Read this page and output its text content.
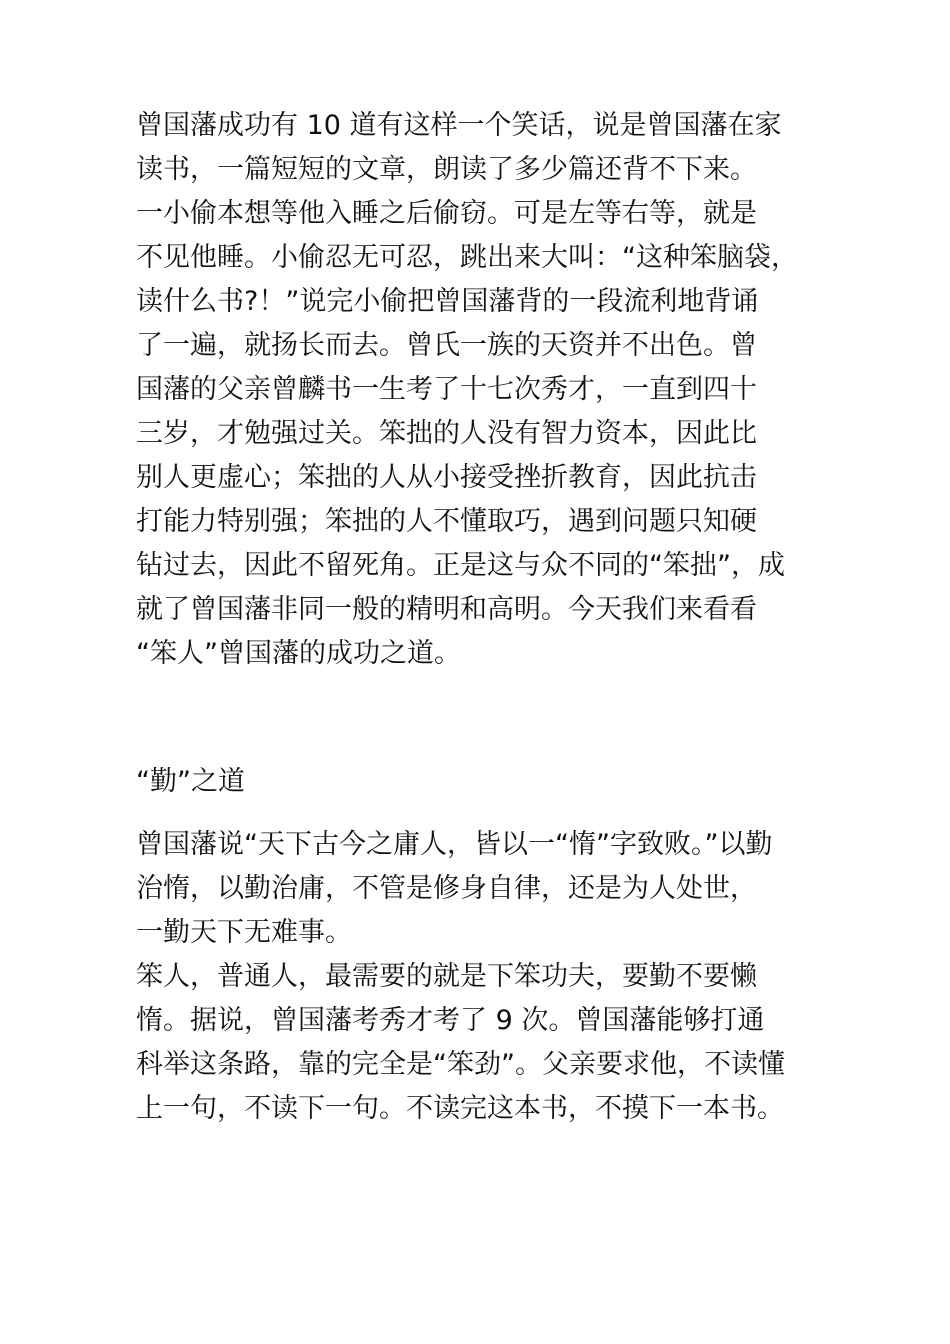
曾国藩成功有 10 道有这样一个笑话，说是曾国藩在家
读书，一篇短短的文章，朗读了多少篇还背不下来。
一小偷本想等他入睡之后偷窃。可是左等右等，就是
不见他睡。小偷忍无可忍，跳出来大叫：“这种笨脑袋，
读什么书?！”说完小偷把曾国藩背的一段流利地背诵
了一遍，就扬长而去。曾氏一族的天资并不出色。曾
国藩的父亲曾麟书一生考了十七次秀才，一直到四十
三岁，才勉强过关。笨拙的人没有智力资本，因此比
别人更虚心；笨拙的人从小接受挫折教育，因此抗击
打能力特别强；笨拙的人不懂取巧，遇到问题只知硬
钻过去，因此不留死角。正是这与众不同的“笨拙”，成
就了曾国藩非同一般的精明和高明。今天我们来看看
“笨人”曾国藩的成功之道。
“勤”之道
曾国藩说“天下古今之庸人，皆以一“惰”字致败。”以勤
治惰，以勤治庸，不管是修身自律，还是为人处世，
一勤天下无难事。
笨人，普通人，最需要的就是下笨功夫，要勤不要懒
惰。据说，曾国藩考秀才考了 9 次。曾国藩能够打通
科举这条路，靠的完全是“笨劲”。父亲要求他，不读懂
上一句，不读下一句。不读完这本书，不摸下一本书。
